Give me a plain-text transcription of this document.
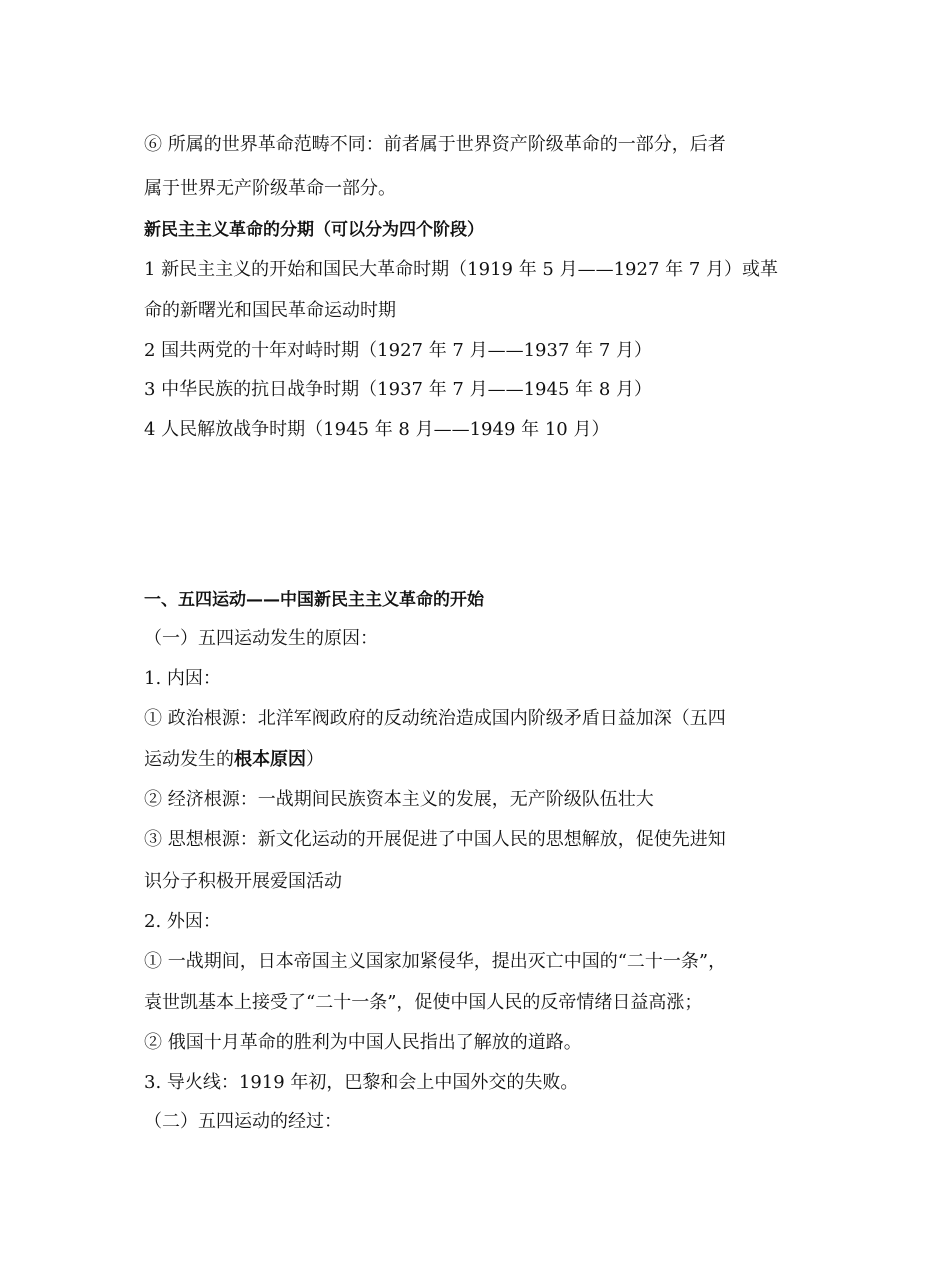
⑥ 所属的世界革命范畴不同：前者属于世界资产阶级革命的一部分，后者
属于世界无产阶级革命一部分。
新民主主义革命的分期（可以分为四个阶段）
1 新民主主义的开始和国民大革命时期（1919 年 5 月——1927 年 7 月）或革
命的新曙光和国民革命运动时期
2 国共两党的十年对峙时期（1927 年 7 月——1937 年 7 月）
3 中华民族的抗日战争时期（1937 年 7 月——1945 年 8 月）
4 人民解放战争时期（1945 年 8 月——1949 年 10 月）
一、五四运动——中国新民主主义革命的开始
（一）五四运动发生的原因：
1. 内因：
① 政治根源：北洋军阀政府的反动统治造成国内阶级矛盾日益加深（五四
运动发生的根本原因）
② 经济根源：一战期间民族资本主义的发展，无产阶级队伍壮大
③ 思想根源：新文化运动的开展促进了中国人民的思想解放，促使先进知
识分子积极开展爱国活动
2. 外因：
① 一战期间，日本帝国主义国家加紧侵华，提出灭亡中国的“二十一条”，
袁世凯基本上接受了“二十一条”，促使中国人民的反帝情绪日益高涨；
② 俄国十月革命的胜利为中国人民指出了解放的道路。
3. 导火线：1919 年初，巴黎和会上中国外交的失败。
（二）五四运动的经过：
